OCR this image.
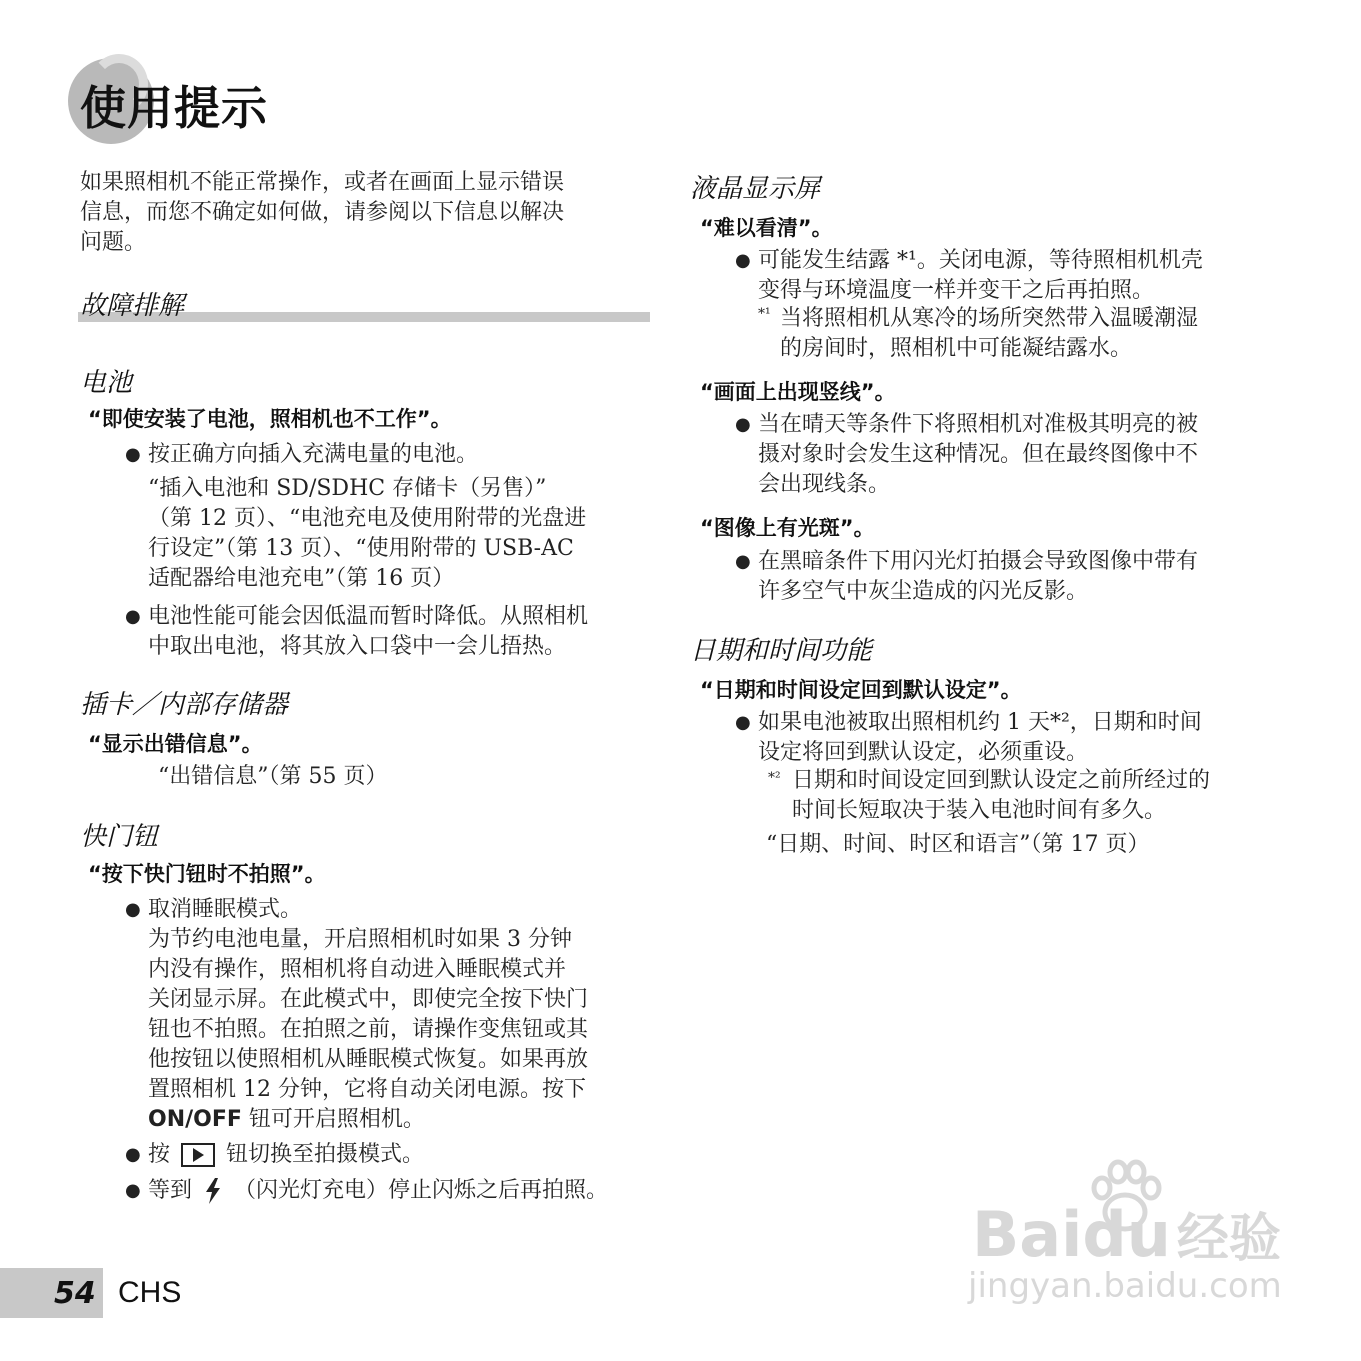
使用提示

如果照相机不能正常操作，或者在画面上显示错误

信息，而您不确定如何做，请参阅以下信息以解决

问题。

故障排解
电池
“即使安装了电池，照相机也不工作”。
● 按正确方向插入充满电量的电池。

“插入电池和 SD/SDHC 存储卡（另售）”

（第 12 页）、“电池充电及使用附带的光盘进

行设定”（第 13 页）、“使用附带的 USB-AC

适配器给电池充电”（第 16 页）

● 电池性能可能会因低温而暂时降低。从照相机

中取出电池，将其放入口袋中一会儿捂热。

插卡／内部存储器
“显示出错信息”。
“出错信息”（第 55 页）
快门钮
“按下快门钮时不拍照”。
● 取消睡眠模式。

为节约电池电量，开启照相机时如果 3 分钟

内没有操作，照相机将自动进入睡眠模式并

关闭显示屏。在此模式中，即使完全按下快门

钮也不拍照。在拍照之前，请操作变焦钮或其

他按钮以使照相机从睡眠模式恢复。如果再放

置照相机 12 分钟，它将自动关闭电源。按下

ON/OFF 钮可开启照相机。

● 按	钮切换至拍摄模式。
● 等到 （闪光灯充电）停止闪烁之后再拍照。
液晶显示屏
“难以看清”。
● 可能发生结露 *¹。关闭电源，等待照相机机壳

变得与环境温度一样并变干之后再拍照。

*¹ 当将照相机从寒冷的场所突然带入温暖潮湿

的房间时，照相机中可能凝结露水。

“画面上出现竖线”。
● 当在晴天等条件下将照相机对准极其明亮的被

摄对象时会发生这种情况。但在最终图像中不

会出现线条。

“图像上有光斑”。
● 在黑暗条件下用闪光灯拍摄会导致图像中带有

许多空气中灰尘造成的闪光反影。

日期和时间功能
“日期和时间设定回到默认设定”。
● 如果电池被取出照相机约 1 天*²，日期和时间

设定将回到默认设定，必须重设。

*² 日期和时间设定回到默认设定之前所经过的

时间长短取决于装入电池时间有多久。

“日期、时间、时区和语言”（第 17 页）
Baidu 经验
jingyan.baidu.com
54 CHS
